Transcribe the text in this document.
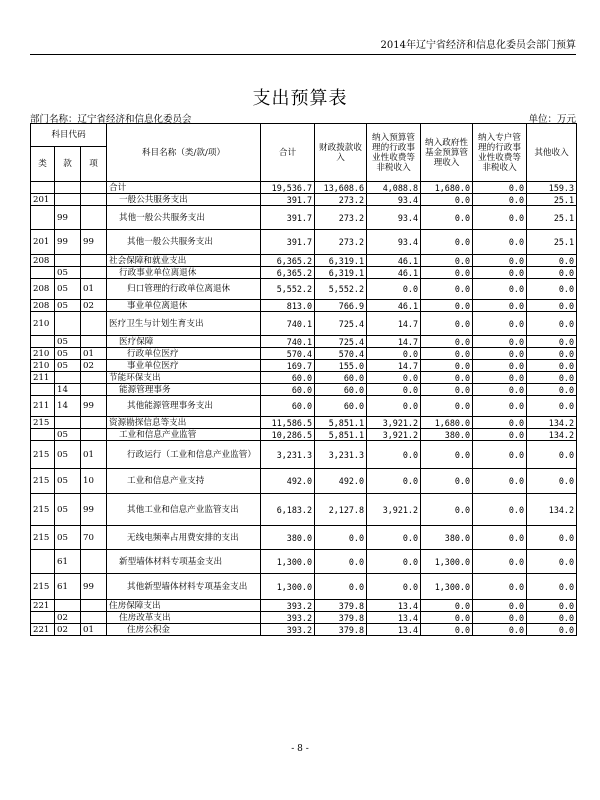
2014年辽宁省经济和信息化委员会部门预算
支出预算表
部门名称：辽宁省经济和信息化委员会	单位：万元
科目代码			科目名称（类/款/项）	合计	财政拨款收入	纳入预算管理的行政事业性收费等非税收入	纳入政府性基金预算管理收入	纳入专户管理的行政事业性收费等非税收入	其他收入
类	款	项							
			合计	19,536.7	13,608.6	4,088.8	1,680.0	0.0	159.3
201			一般公共服务支出	391.7	273.2	93.4	0.0	0.0	25.1
	99		其他一般公共服务支出	391.7	273.2	93.4	0.0	0.0	25.1
201	99	99	其他一般公共服务支出	391.7	273.2	93.4	0.0	0.0	25.1
208			社会保障和就业支出	6,365.2	6,319.1	46.1	0.0	0.0	0.0
	05		行政事业单位离退休	6,365.2	6,319.1	46.1	0.0	0.0	0.0
208	05	01	归口管理的行政单位离退休	5,552.2	5,552.2	0.0	0.0	0.0	0.0
208	05	02	事业单位离退休	813.0	766.9	46.1	0.0	0.0	0.0
210			医疗卫生与计划生育支出	740.1	725.4	14.7	0.0	0.0	0.0
	05		医疗保障	740.1	725.4	14.7	0.0	0.0	0.0
210	05	01	行政单位医疗	570.4	570.4	0.0	0.0	0.0	0.0
210	05	02	事业单位医疗	169.7	155.0	14.7	0.0	0.0	0.0
211			节能环保支出	60.0	60.0	0.0	0.0	0.0	0.0
	14		能源管理事务	60.0	60.0	0.0	0.0	0.0	0.0
211	14	99	其他能源管理事务支出	60.0	60.0	0.0	0.0	0.0	0.0
215			资源勘探信息等支出	11,586.5	5,851.1	3,921.2	1,680.0	0.0	134.2
	05		工业和信息产业监管	10,286.5	5,851.1	3,921.2	380.0	0.0	134.2
215	05	01	行政运行（工业和信息产业监管）	3,231.3	3,231.3	0.0	0.0	0.0	0.0
215	05	10	工业和信息产业支持	492.0	492.0	0.0	0.0	0.0	0.0
215	05	99	其他工业和信息产业监管支出	6,183.2	2,127.8	3,921.2	0.0	0.0	134.2
215	05	70	无线电频率占用费安排的支出	380.0	0.0	0.0	380.0	0.0	0.0
	61		新型墙体材料专项基金支出	1,300.0	0.0	0.0	1,300.0	0.0	0.0
215	61	99	其他新型墙体材料专项基金支出	1,300.0	0.0	0.0	1,300.0	0.0	0.0
221			住房保障支出	393.2	379.8	13.4	0.0	0.0	0.0
	02		住房改革支出	393.2	379.8	13.4	0.0	0.0	0.0
221	02	01	住房公积金	393.2	379.8	13.4	0.0	0.0	0.0
- 8 -
